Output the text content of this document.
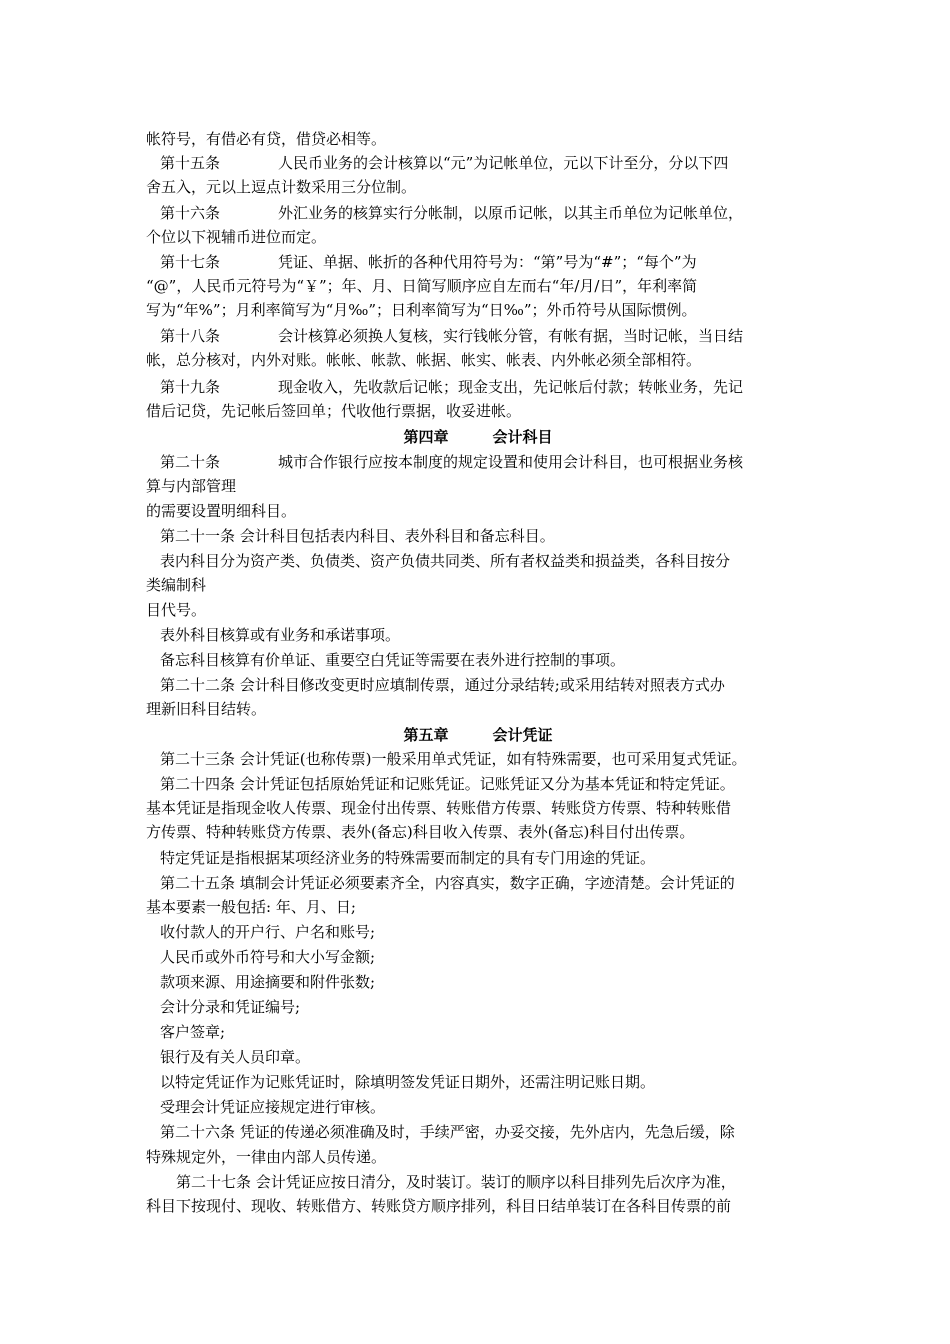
帐符号，有借必有贷，借贷必相等。
第十五条	人民币业务的会计核算以“元”为记帐单位，元以下计至分，分以下四
舍五入，元以上逗点计数采用三分位制。
第十六条	外汇业务的核算实行分帐制，以原币记帐，以其主币单位为记帐单位，
个位以下视辅币进位而定。
第十七条	凭证、单据、帐折的各种代用符号为：“第”号为“#”；“每个”为
“@”，人民币元符号为“￥”；年、月、日简写顺序应自左而右“年/月/日”，年利率简
写为“年%”；月利率简写为“月‰”；日利率简写为“日‰”；外币符号从国际惯例。
第十八条	会计核算必须换人复核，实行钱帐分管，有帐有据，当时记帐，当日结
帐，总分核对，内外对账。帐帐、帐款、帐据、帐实、帐表、内外帐必须全部相符。
第十九条	现金收入，先收款后记帐；现金支出，先记帐后付款；转帐业务，先记
借后记贷，先记帐后签回单；代收他行票据，收妥进帐。
第四章	会计科目
第二十条	城市合作银行应按本制度的规定设置和使用会计科目，也可根据业务核
算与内部管理
的需要设置明细科目。
第二十一条 会计科目包括表内科目、表外科目和备忘科目。
表内科目分为资产类、负债类、资产负债共同类、所有者权益类和损益类，各科目按分
类编制科
目代号。
表外科目核算或有业务和承诺事项。
备忘科目核算有价单证、重要空白凭证等需要在表外进行控制的事项。
第二十二条 会计科目修改变更时应填制传票，通过分录结转;或采用结转对照表方式办
理新旧科目结转。
第五章	会计凭证
第二十三条 会计凭证(也称传票)一般采用单式凭证，如有特殊需要，也可采用复式凭证。
第二十四条 会计凭证包括原始凭证和记账凭证。记账凭证又分为基本凭证和特定凭证。
基本凭证是指现金收人传票、现金付出传票、转账借方传票、转账贷方传票、特种转账借
方传票、特种转账贷方传票、表外(备忘)科目收入传票、表外(备忘)科目付出传票。
特定凭证是指根据某项经济业务的特殊需要而制定的具有专门用途的凭证。
第二十五条 填制会计凭证必须要素齐全，内容真实，数字正确，字迹清楚。会计凭证的
基本要素一般包括: 年、月、日;
收付款人的开户行、户名和账号;
人民币或外币符号和大小写金额;
款项来源、用途摘要和附件张数;
会计分录和凭证编号;
客户签章;
银行及有关人员印章。
以特定凭证作为记账凭证时，除填明签发凭证日期外，还需注明记账日期。
受理会计凭证应接规定进行审核。
第二十六条 凭证的传递必须准确及时，手续严密，办妥交接，先外店内，先急后缓，除
特殊规定外，一律由内部人员传递。
第二十七条 会计凭证应按日清分，及时装订。装订的顺序以科目排列先后次序为准，
科目下按现付、现收、转账借方、转账贷方顺序排列，科目日结单装订在各科目传票的前
